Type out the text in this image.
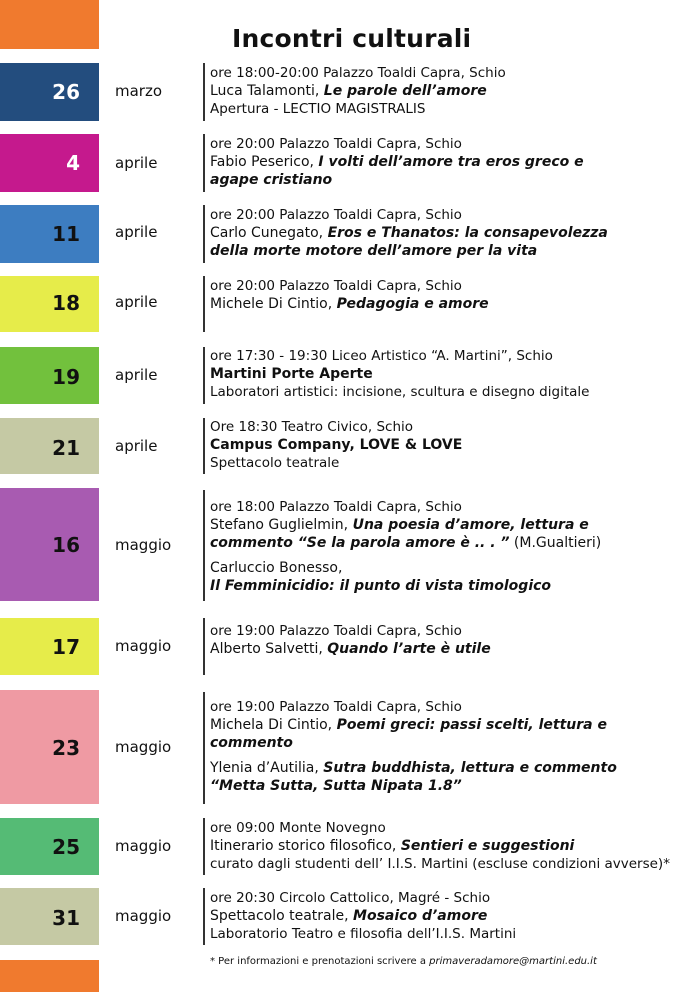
Incontri culturali
26 marzo
ore 18:00-20:00 Palazzo Toaldi Capra, Schio
Luca Talamonti, Le parole dell’amore
Apertura - LECTIO MAGISTRALIS
4 aprile
ore 20:00 Palazzo Toaldi Capra, Schio
Fabio Peserico, I volti dell’amore tra eros greco e
agape cristiano
11 aprile
ore 20:00 Palazzo Toaldi Capra, Schio
Carlo Cunegato, Eros e Thanatos: la consapevolezza
della morte motore dell’amore per la vita
18 aprile
ore 20:00 Palazzo Toaldi Capra, Schio
Michele Di Cintio, Pedagogia e amore
19 aprile
ore 17:30 - 19:30 Liceo Artistico “A. Martini”, Schio
Martini Porte Aperte
Laboratori artistici: incisione, scultura e disegno digitale
21 aprile
Ore 18:30 Teatro Civico, Schio
Campus Company, LOVE & LOVE
Spettacolo teatrale
16 maggio
ore 18:00 Palazzo Toaldi Capra, Schio
Stefano Guglielmin, Una poesia d’amore, lettura e
commento “Se la parola amore è .. . ” (M.Gualtieri)
Carluccio Bonesso,
Il Femminicidio: il punto di vista timologico
17 maggio
ore 19:00 Palazzo Toaldi Capra, Schio
Alberto Salvetti, Quando l’arte è utile
23 maggio
ore 19:00 Palazzo Toaldi Capra, Schio
Michela Di Cintio, Poemi greci: passi scelti, lettura e
commento
Ylenia d’Autilia, Sutra buddhista, lettura e commento
“Metta Sutta, Sutta Nipata 1.8”
25 maggio
ore 09:00 Monte Novegno
Itinerario storico filosofico, Sentieri e suggestioni
curato dagli studenti dell’ I.I.S. Martini (escluse condizioni avverse)*
31 maggio
ore 20:30 Circolo Cattolico, Magré - Schio
Spettacolo teatrale, Mosaico d’amore
Laboratorio Teatro e filosofia dell’I.I.S. Martini
* Per informazioni e prenotazioni scrivere a primaveradamore@martini.edu.it
